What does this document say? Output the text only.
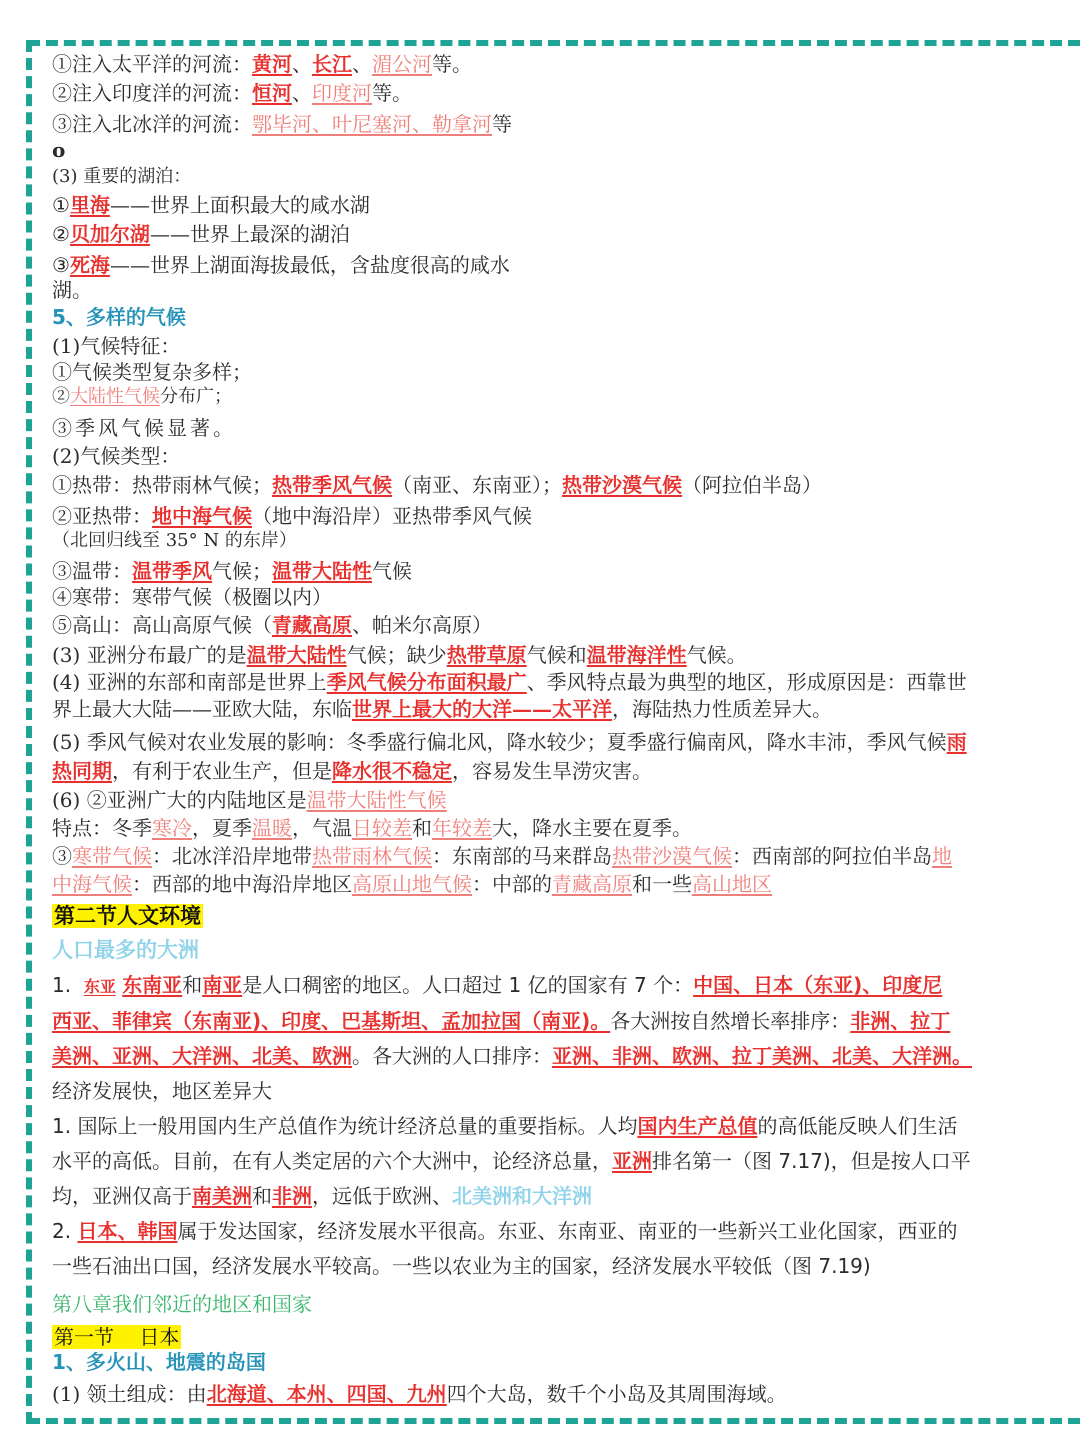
①注入太平洋的河流：黄河、长江、湄公河等。
②注入印度洋的河流：恒河、印度河等。
③注入北冰洋的河流：鄂毕河、叶尼塞河、勒拿河等
o
(3) 重要的湖泊：
①里海——世界上面积最大的咸水湖
②贝加尔湖——世界上最深的湖泊
③死海——世界上湖面海拔最低，含盐度很高的咸水
湖。
5、多样的气候
(1)气候特征：
①气候类型复杂多样；
②大陆性气候分布广；
③季风气候显著。
(2)气候类型：
①热带：热带雨林气候；热带季风气候（南亚、东南亚）；热带沙漠气候（阿拉伯半岛）
②亚热带：地中海气候（地中海沿岸）亚热带季风气候
（北回归线至 35° N 的东岸）
③温带：温带季风气候；温带大陆性气候
④寒带：寒带气候（极圈以内）
⑤高山：高山高原气候（青藏高原、帕米尔高原）
(3) 亚洲分布最广的是温带大陆性气候；缺少热带草原气候和温带海洋性气候。
(4) 亚洲的东部和南部是世界上季风气候分布面积最广、季风特点最为典型的地区，形成原因是：西靠世
界上最大大陆——亚欧大陆，东临世界上最大的大洋——太平洋，海陆热力性质差异大。
(5) 季风气候对农业发展的影响：冬季盛行偏北风，降水较少；夏季盛行偏南风，降水丰沛，季风气候雨
热同期，有利于农业生产，但是降水很不稳定，容易发生旱涝灾害。
(6) ②亚洲广大的内陆地区是温带大陆性气候
特点：冬季寒冷，夏季温暖，气温日较差和年较差大，降水主要在夏季。
③寒带气候：北冰洋沿岸地带热带雨林气候：东南部的马来群岛热带沙漠气候：西南部的阿拉伯半岛地
中海气候：西部的地中海沿岸地区高原山地气候：中部的青藏高原和一些高山地区
第二节人文环境
人口最多的大洲
1. 东亚 东南亚和南亚是人口稠密的地区。人口超过 1 亿的国家有 7 个：中国、日本（东亚)、印度尼
西亚、菲律宾（东南亚)、印度、巴基斯坦、孟加拉国（南亚)。各大洲按自然增长率排序：非洲、拉丁
美洲、亚洲、大洋洲、北美、欧洲。各大洲的人口排序：亚洲、非洲、欧洲、拉丁美洲、北美、大洋洲。
经济发展快，地区差异大
1. 国际上一般用国内生产总值作为统计经济总量的重要指标。人均国内生产总值的高低能反映人们生活
水平的高低。目前，在有人类定居的六个大洲中，论经济总量，亚洲排名第一（图 7.17)，但是按人口平
均，亚洲仅高于南美洲和非洲，远低于欧洲、北美洲和大洋洲
2. 日本、韩国属于发达国家，经济发展水平很高。东亚、东南亚、南亚的一些新兴工业化国家，西亚的
一些石油出口国，经济发展水平较高。一些以农业为主的国家，经济发展水平较低（图 7.19)
第八章我们邻近的地区和国家
第一节    日本
1、多火山、地震的岛国
(1) 领土组成：由北海道、本州、四国、九州四个大岛，数千个小岛及其周围海域。
